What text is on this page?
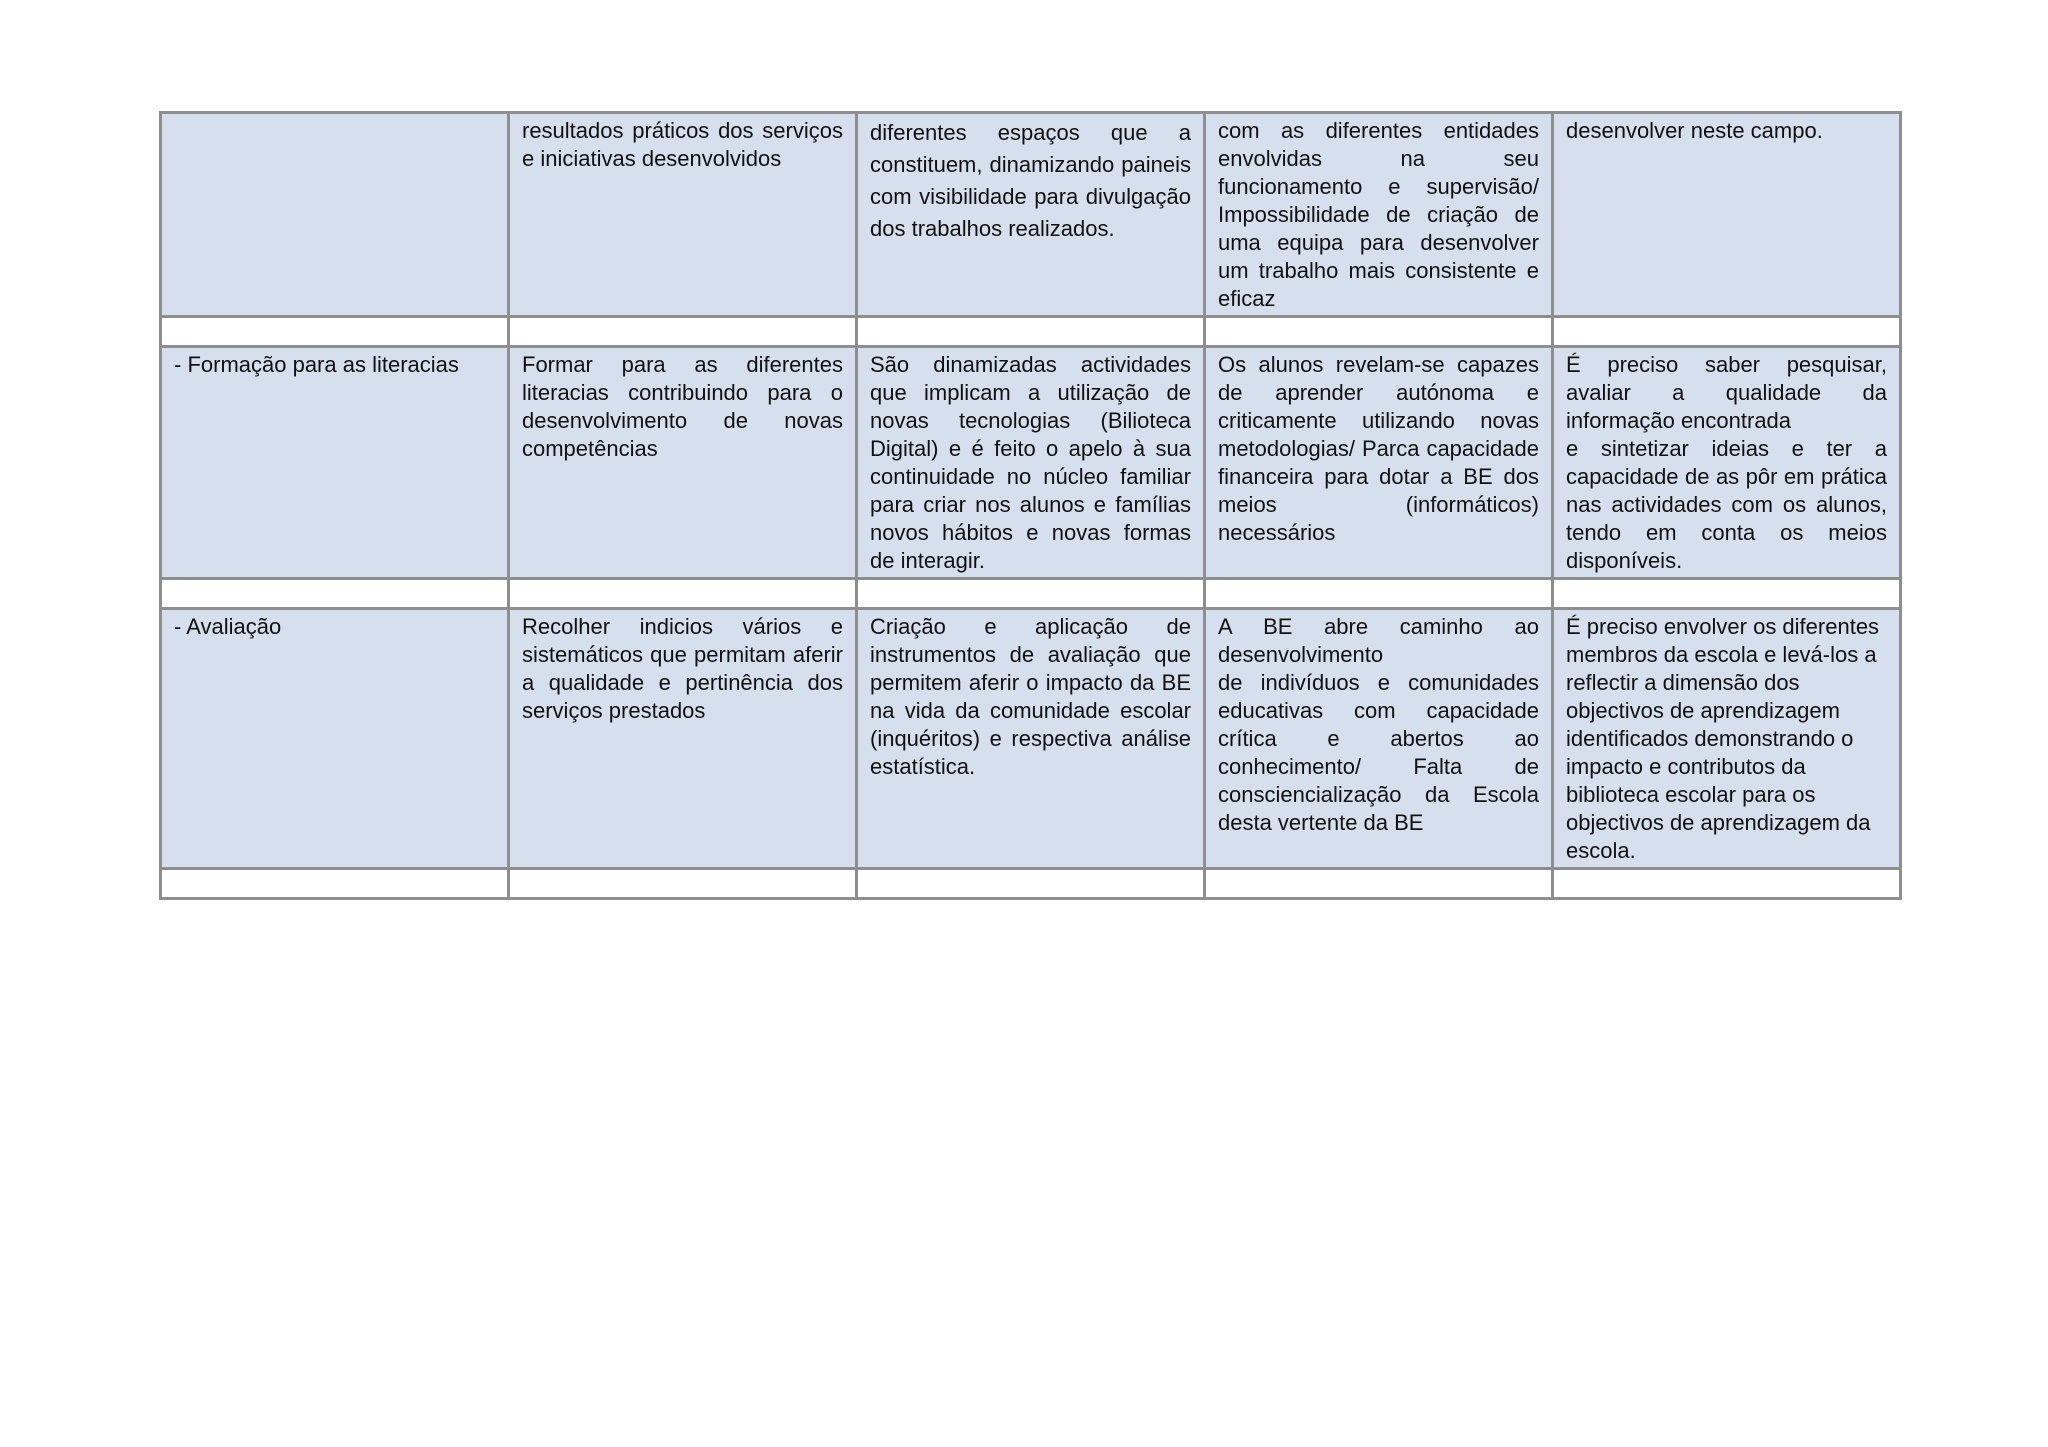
	resultados práticos dos serviços e iniciativas desenvolvidos	diferentes espaços que a constituem, dinamizando paineis com visibilidade para divulgação dos trabalhos realizados.	com as diferentes entidades envolvidas na seu funcionamento e supervisão/ Impossibilidade de criação de uma equipa para desenvolver um trabalho mais consistente e eficaz	desenvolver neste campo.

- Formação para as literacias	Formar para as diferentes literacias contribuindo para o desenvolvimento de novas competências	São dinamizadas actividades que implicam a utilização de novas tecnologias (Bilioteca Digital) e é feito o apelo à sua continuidade no núcleo familiar para criar nos alunos e famílias novos hábitos e novas formas de interagir.	Os alunos revelam-se capazes de aprender autónoma e criticamente utilizando novas metodologias/ Parca capacidade financeira para dotar a BE dos meios (informáticos) necessários	É preciso saber pesquisar, avaliar a qualidade da informação encontrada
e sintetizar ideias e ter a capacidade de as pôr em prática nas actividades com os alunos, tendo em conta os meios disponíveis.

- Avaliação	Recolher indicios vários e sistemáticos que permitam aferir a qualidade e pertinência dos serviços prestados	Criação e aplicação de instrumentos de avaliação que permitem aferir o impacto da BE na vida da comunidade escolar (inquéritos) e respectiva análise estatística.	A BE abre caminho ao desenvolvimento
de indivíduos e comunidades educativas com capacidade crítica e abertos ao conhecimento/ Falta de consciencialização da Escola desta vertente da BE	É preciso envolver os diferentes membros da escola e levá-los a reflectir a dimensão dos objectivos de aprendizagem identificados demonstrando o impacto e contributos da biblioteca escolar para os objectivos de aprendizagem da escola.
